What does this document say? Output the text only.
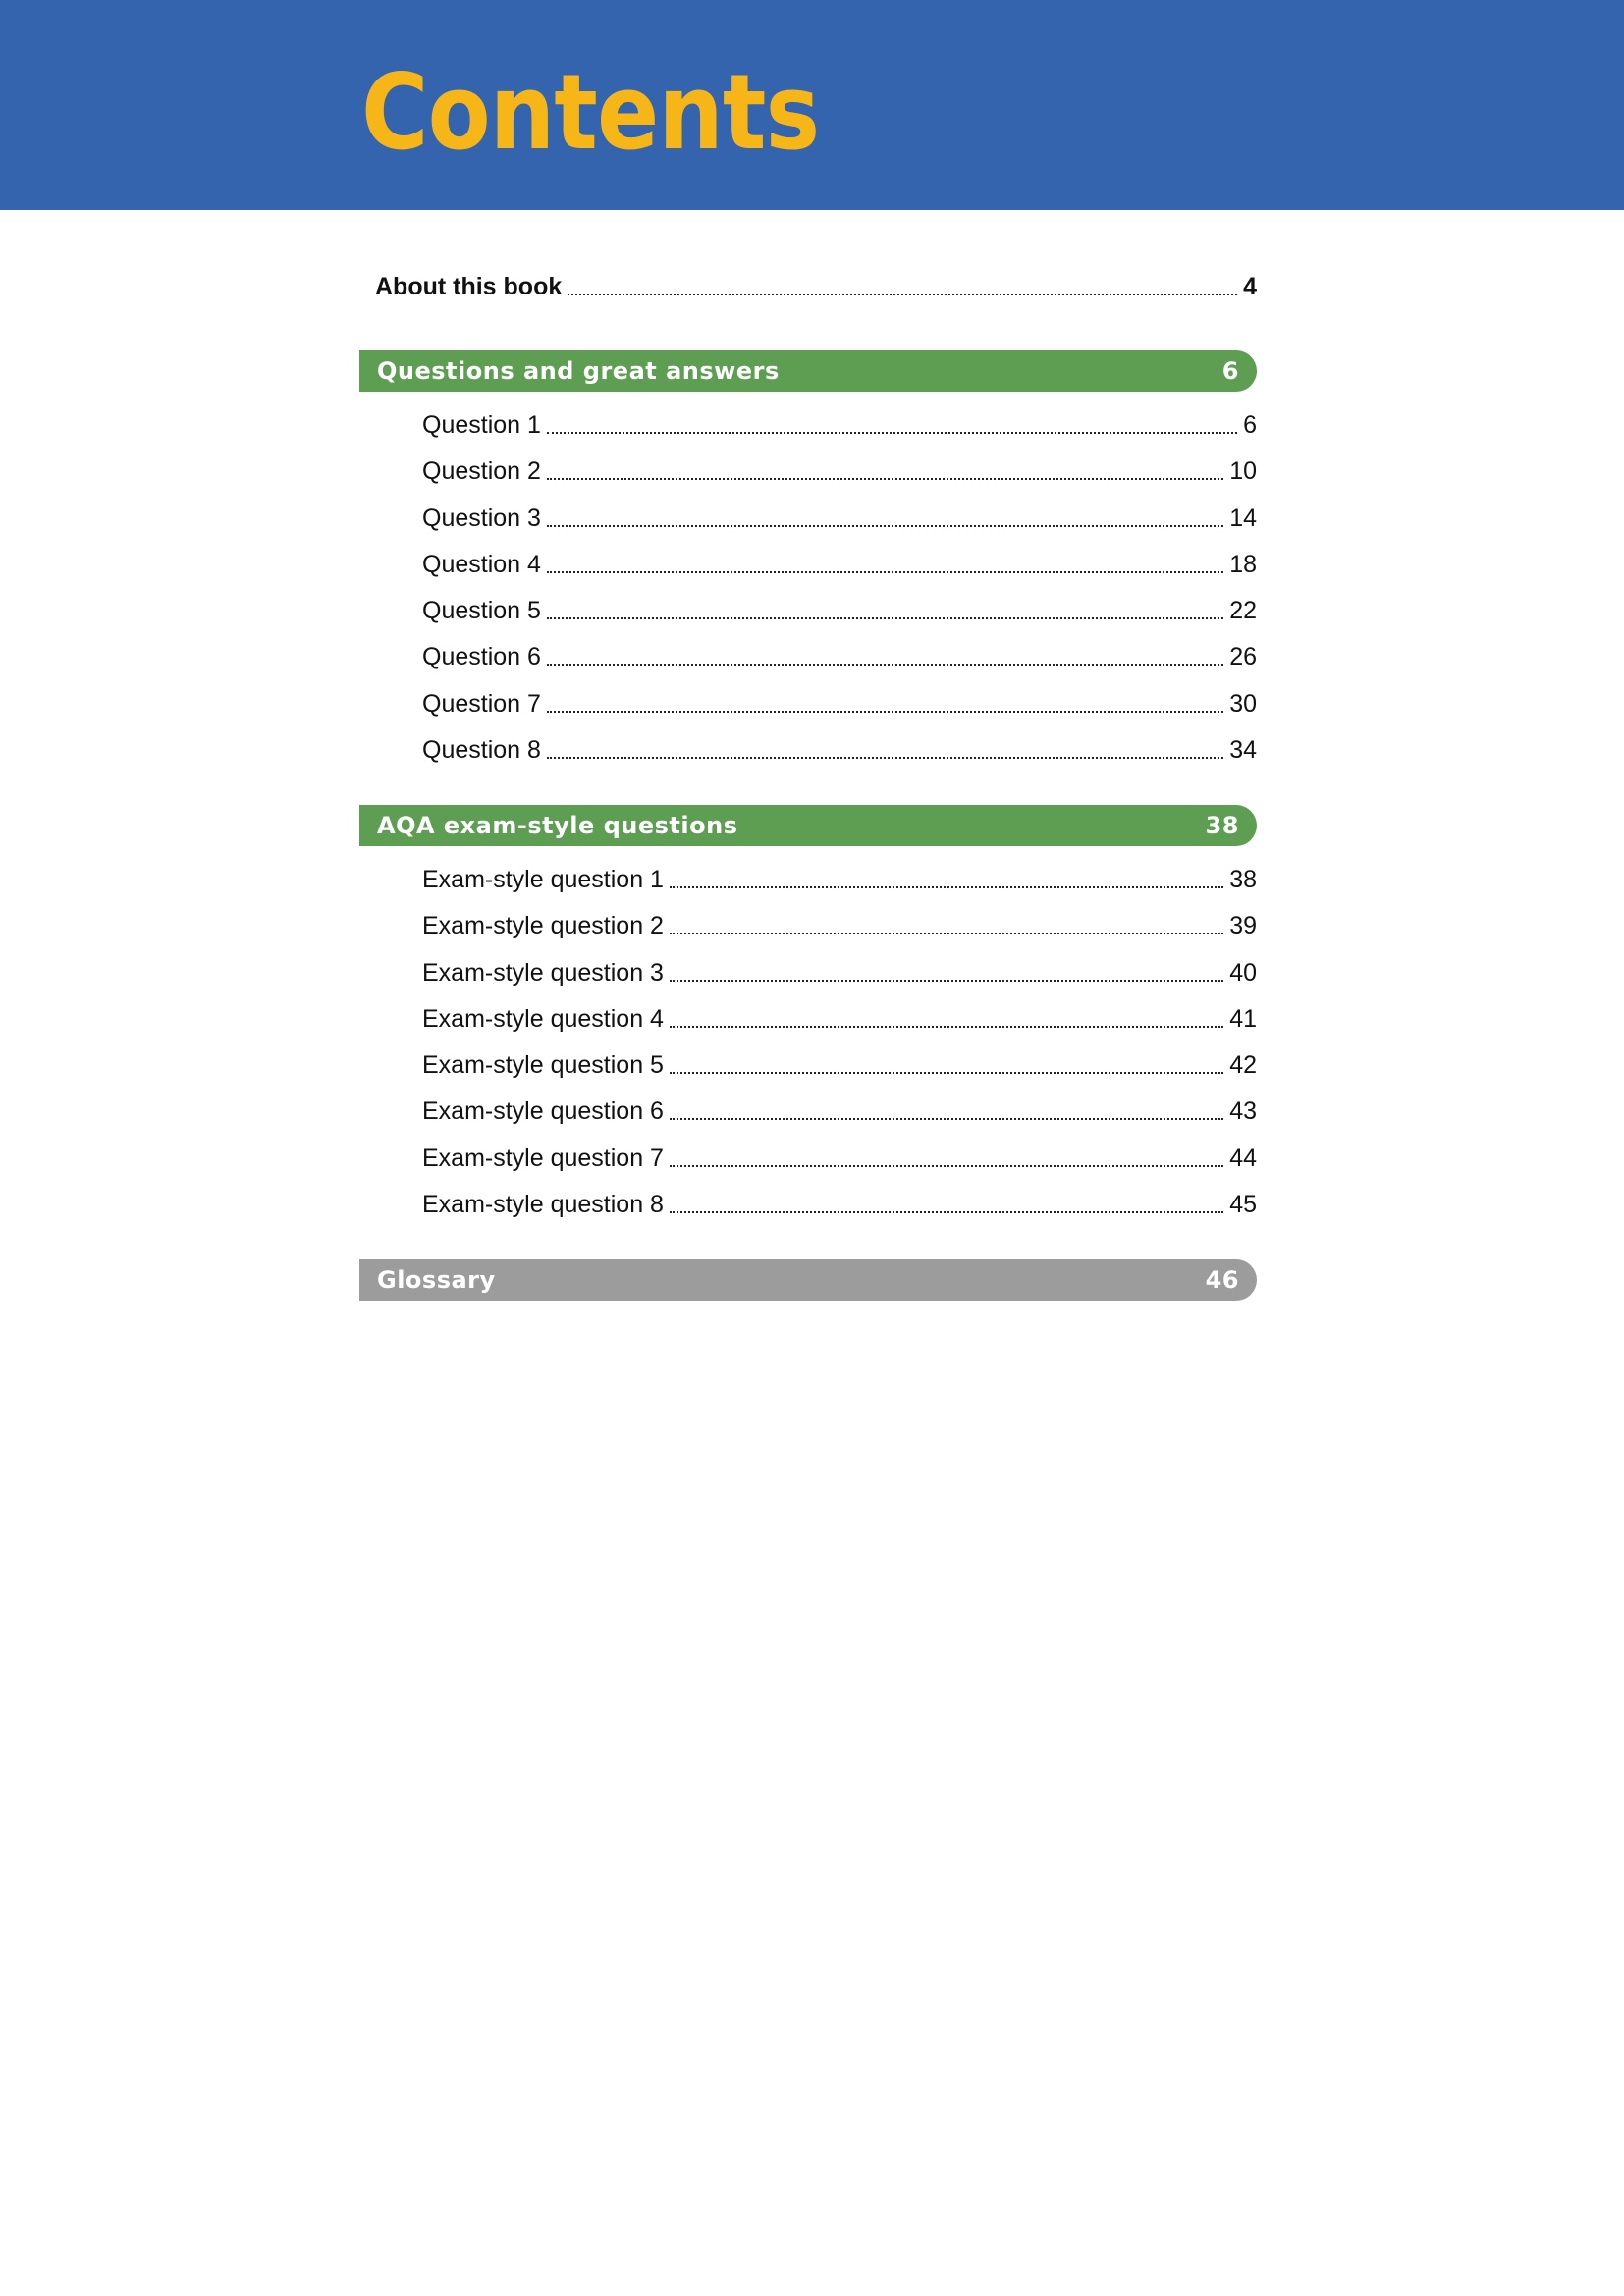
Contents
About this book	4
Questions and great answers	6
Question 1	6
Question 2	10
Question 3	14
Question 4	18
Question 5	22
Question 6	26
Question 7	30
Question 8	34
AQA exam-style questions	38
Exam-style question 1	38
Exam-style question 2	39
Exam-style question 3	40
Exam-style question 4	41
Exam-style question 5	42
Exam-style question 6	43
Exam-style question 7	44
Exam-style question 8	45
Glossary	46
